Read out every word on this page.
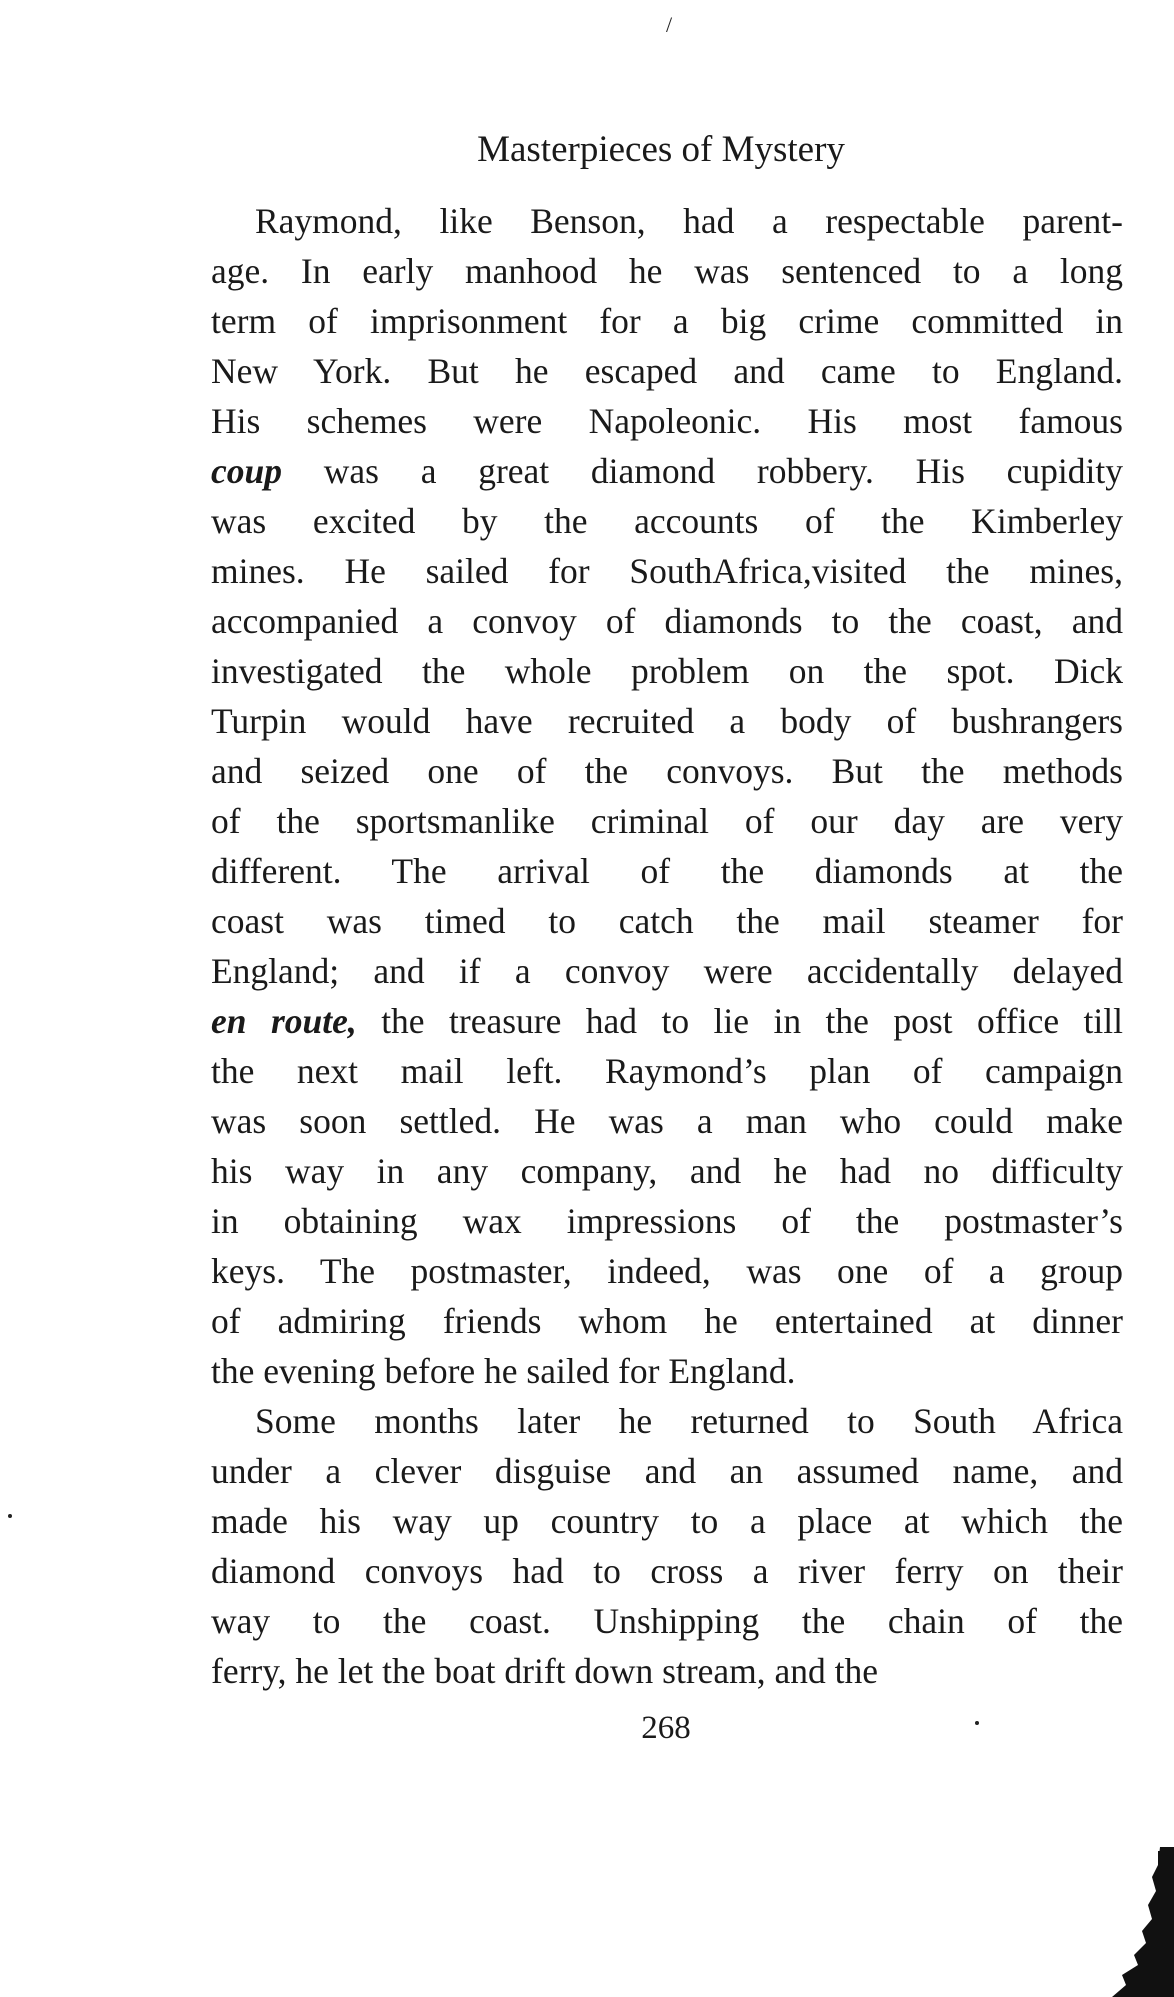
/
Masterpieces of Mystery
Raymond, like Benson, had a respectable parent-
age. In early manhood he was sentenced to a long
term of imprisonment for a big crime committed in
New York. But he escaped and came to England.
His schemes were Napoleonic. His most famous
coup was a great diamond robbery. His cupidity
was excited by the accounts of the Kimberley
mines. He sailed for SouthAfrica,visited the mines,
accompanied a convoy of diamonds to the coast, and
investigated the whole problem on the spot. Dick
Turpin would have recruited a body of bushrangers
and seized one of the convoys. But the methods
of the sportsmanlike criminal of our day are very
different. The arrival of the diamonds at the
coast was timed to catch the mail steamer for
England; and if a convoy were accidentally delayed
en route, the treasure had to lie in the post office till
the next mail left. Raymond’s plan of campaign
was soon settled. He was a man who could make
his way in any company, and he had no difficulty
in obtaining wax impressions of the postmaster’s
keys. The postmaster, indeed, was one of a group
of admiring friends whom he entertained at dinner
the evening before he sailed for England.
Some months later he returned to South Africa
under a clever disguise and an assumed name, and
made his way up country to a place at which the
diamond convoys had to cross a river ferry on their
way to the coast. Unshipping the chain of the
ferry, he let the boat drift down stream, and the
268
